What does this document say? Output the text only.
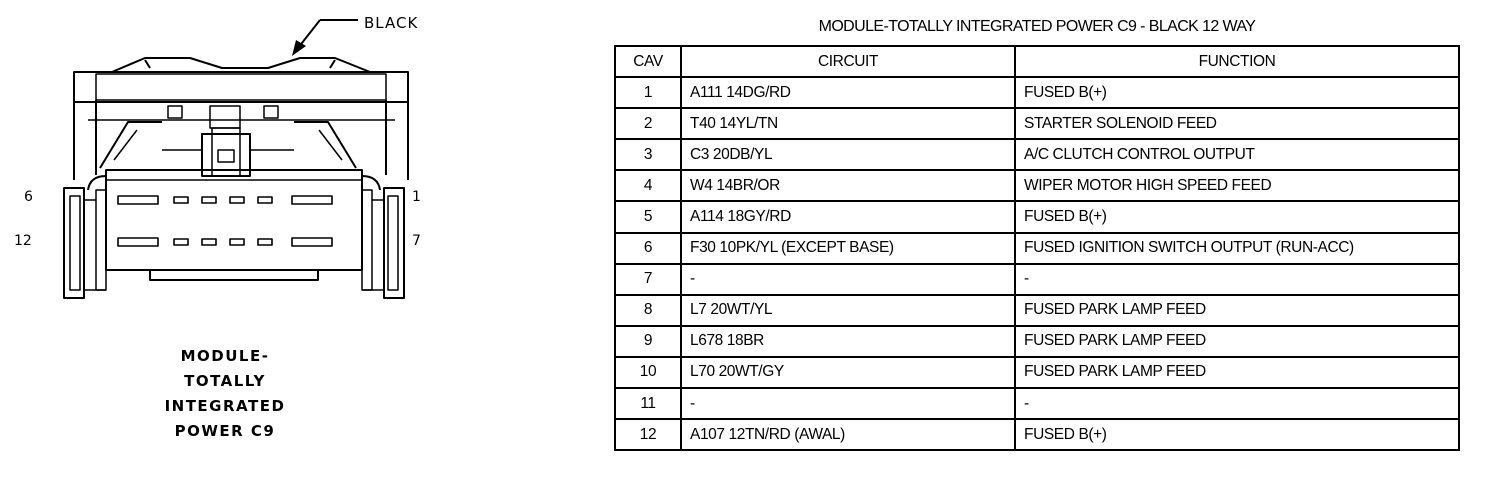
BLACK
6
12
1
7
MODULE-
TOTALLY
INTEGRATED
POWER C9
MODULE-TOTALLY INTEGRATED POWER C9 - BLACK 12 WAY
CAV	CIRCUIT	FUNCTION
1	A111 14DG/RD	FUSED B(+)
2	T40 14YL/TN	STARTER SOLENOID FEED
3	C3 20DB/YL	A/C CLUTCH CONTROL OUTPUT
4	W4 14BR/OR	WIPER MOTOR HIGH SPEED FEED
5	A114 18GY/RD	FUSED B(+)
6	F30 10PK/YL (EXCEPT BASE)	FUSED IGNITION SWITCH OUTPUT (RUN-ACC)
7	-	-
8	L7 20WT/YL	FUSED PARK LAMP FEED
9	L678 18BR	FUSED PARK LAMP FEED
10	L70 20WT/GY	FUSED PARK LAMP FEED
11	-	-
12	A107 12TN/RD (AWAL)	FUSED B(+)
